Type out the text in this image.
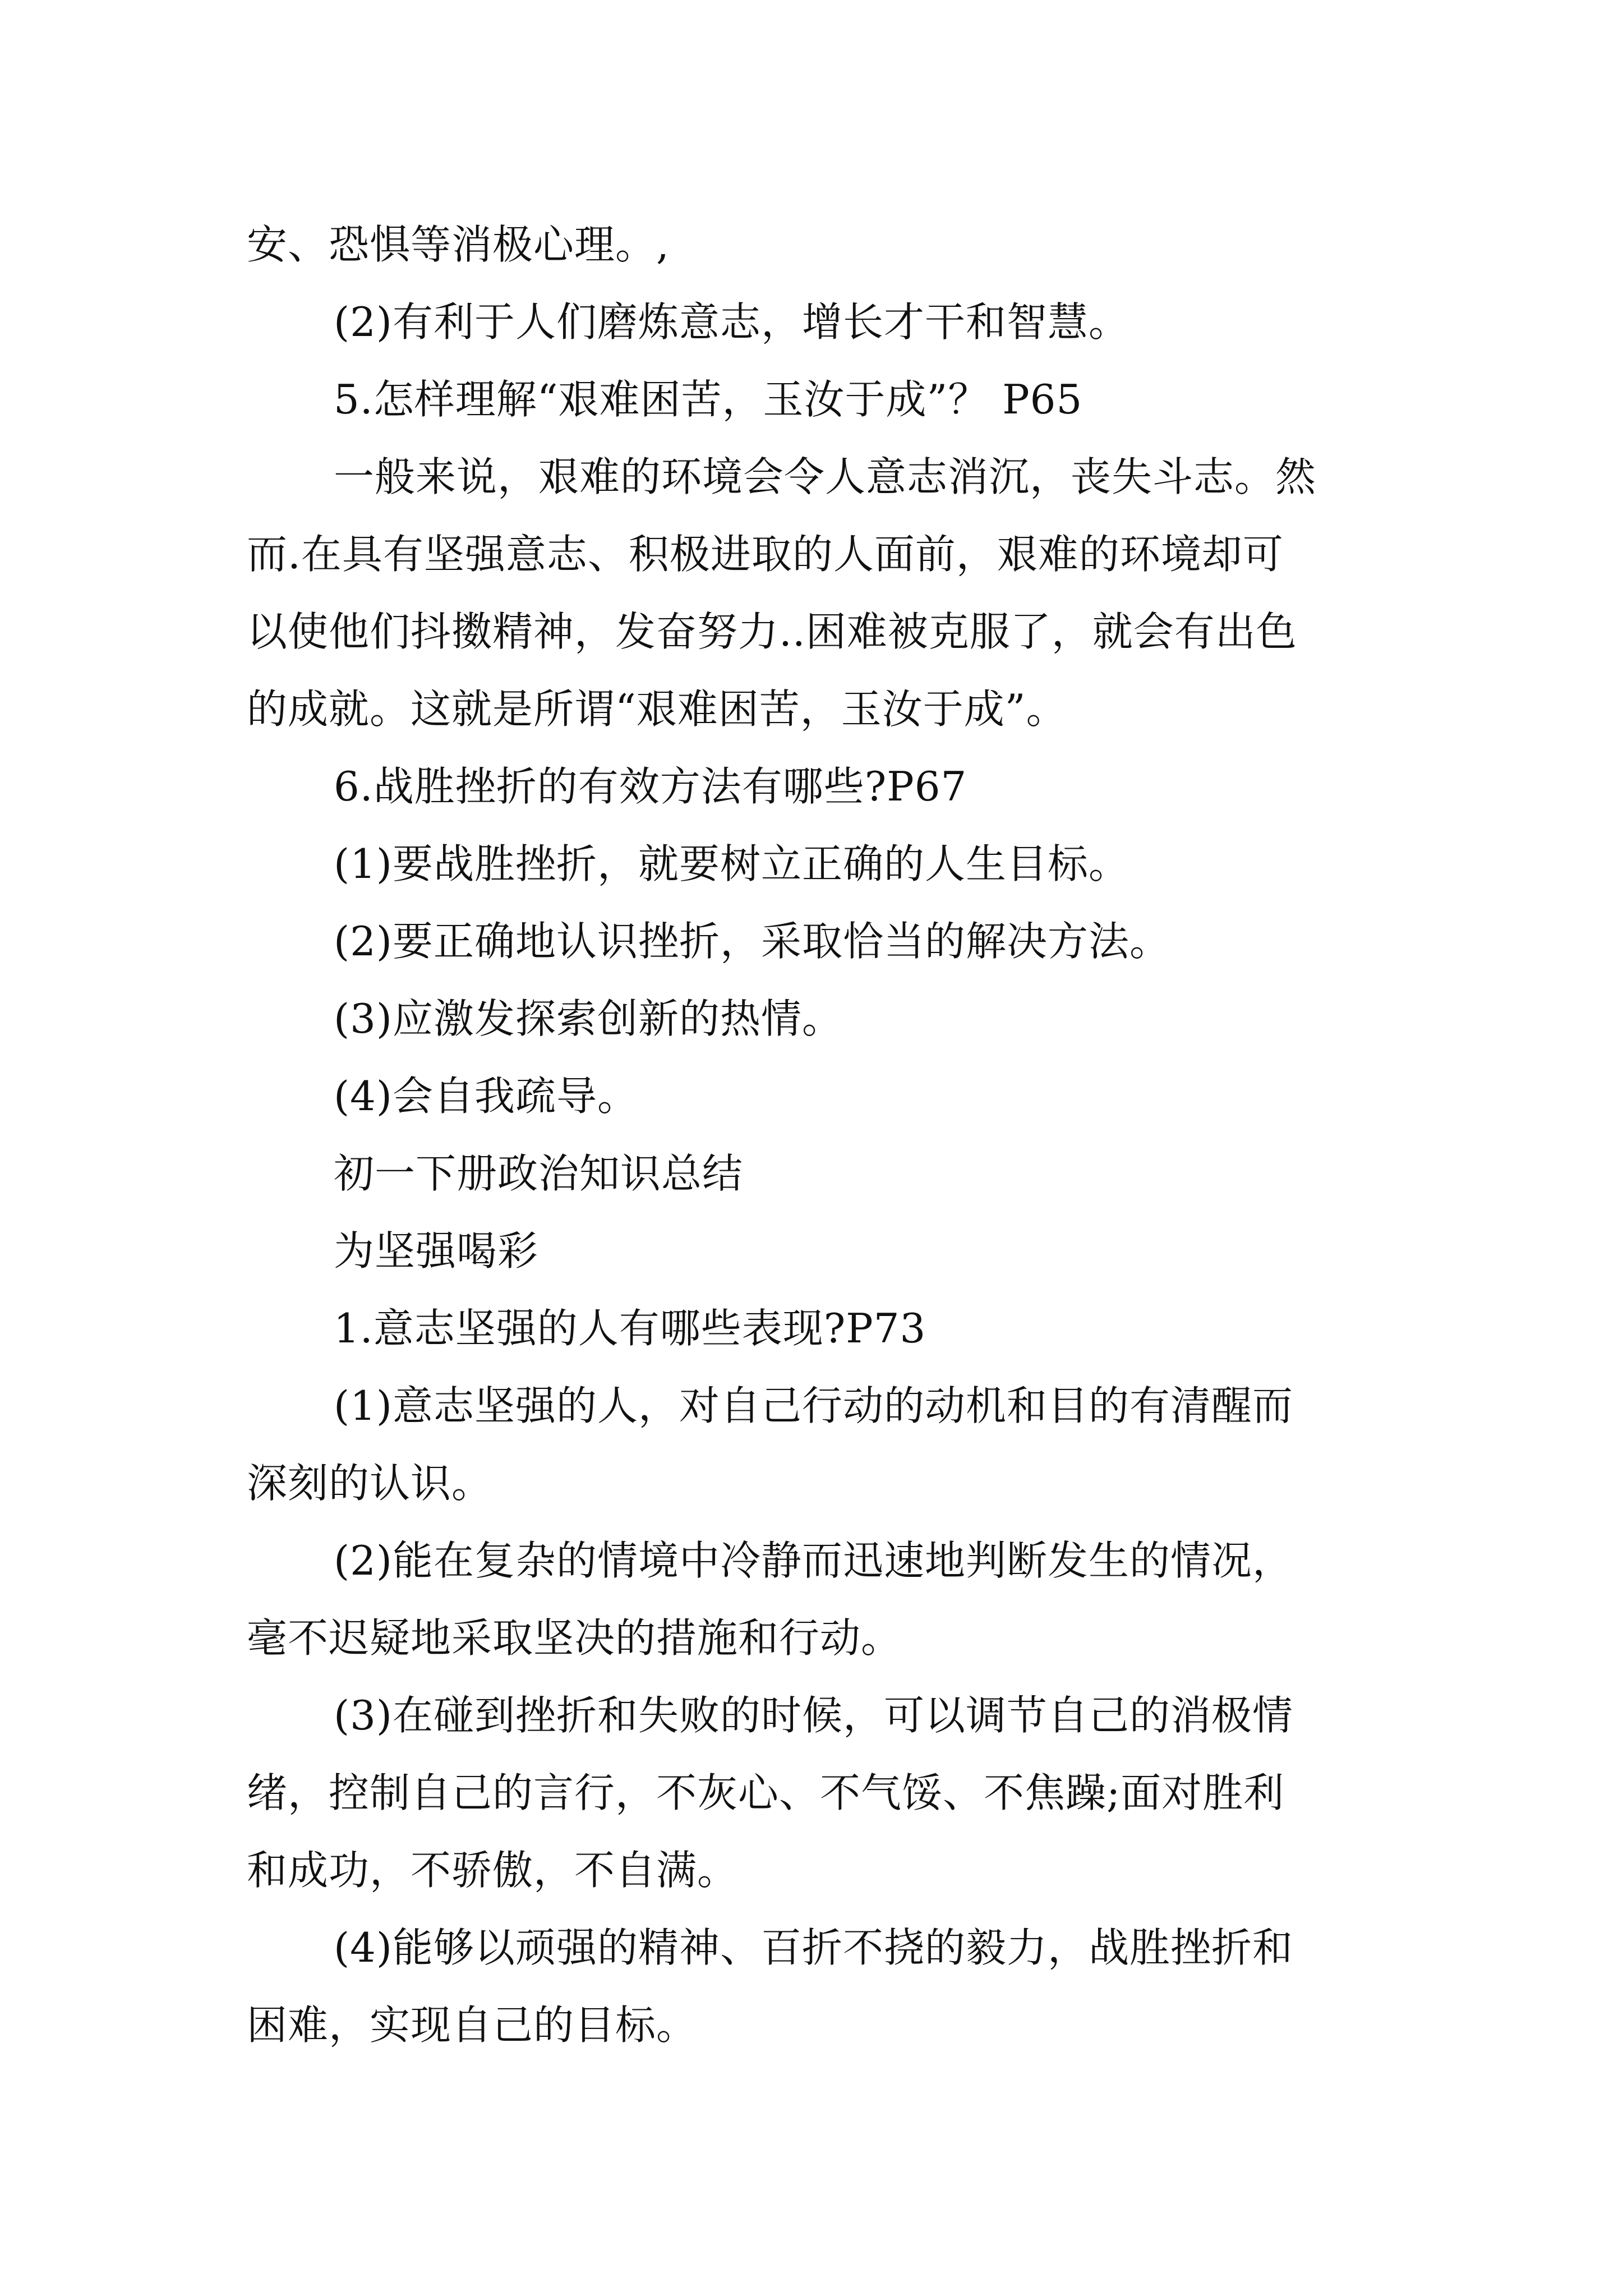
安、恐惧等消极心理。,

(2)有利于人们磨炼意志，增长才干和智慧。

5.怎样理解“艰难困苦，玉汝于成”？ P65

一般来说，艰难的环境会令人意志消沉，丧失斗志。然

而.在具有坚强意志、积极进取的人面前，艰难的环境却可

以使他们抖擞精神，发奋努力..困难被克服了，就会有出色

的成就。这就是所谓“艰难困苦，玉汝于成”。

6.战胜挫折的有效方法有哪些?P67

(1)要战胜挫折，就要树立正确的人生目标。

(2)要正确地认识挫折，采取恰当的解决方法。

(3)应激发探索创新的热情。

(4)会自我疏导。

初一下册政治知识总结

为坚强喝彩

1.意志坚强的人有哪些表现?P73

(1)意志坚强的人，对自己行动的动机和目的有清醒而

深刻的认识。

(2)能在复杂的情境中冷静而迅速地判断发生的情况，

毫不迟疑地采取坚决的措施和行动。

(3)在碰到挫折和失败的时候，可以调节自己的消极情

绪，控制自己的言行，不灰心、不气馁、不焦躁;面对胜利

和成功，不骄傲，不自满。

(4)能够以顽强的精神、百折不挠的毅力，战胜挫折和

困难，实现自己的目标。
